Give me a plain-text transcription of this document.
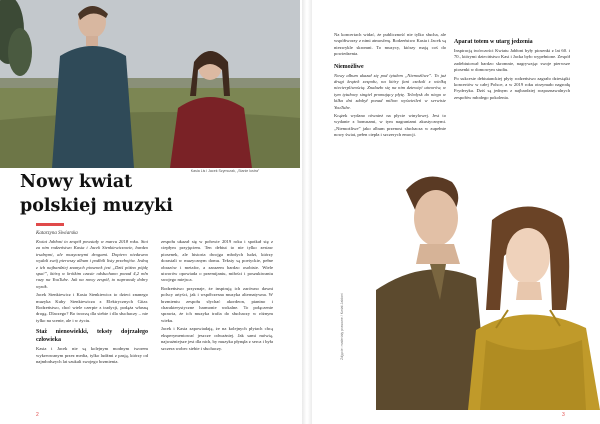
Kasia Lis i Jacek Szymczak, „Stanie lustra”
Nowy kwiat
polskiej muzyki
Katarzyna Siwiarska

Kwiat Jabłoni to zespół powstały w marcu 2018 roku. Stoi za nim rodzeństwo Kasia i Jacek Sienkiewiczowie, bardzo trudnymi, ale muzycznymi drogami. Dopiero niedawno wydali swój pierwszy album i podbili listy przebojów. Jedną z ich najbardziej znanych piosenek jest „Dziś późno pójdę spać”, którą w krótkim czasie odsłuchano ponad 4,2 mln razy na YouTube. Jak na nowy zespół, to naprawdę dobry wynik.

Jacek Sienkiewicz i Kasia Sienkiewicz to dzieci znanego muzyka Kuby Sienkiewicza z Elektrycznych Gitar. Rodzeństwo, choć wiele czerpie z tradycji, podąża własną drogą. Dlaczego? Bo tworzą dla siebie i dla słuchaczy – nie tylko na scenie, ale i w życiu.

Staż nienowiekki, teksty dojrzałego człowieka

Kasia i Jacek nie są kolejnym modnym tworem wykreowanym przez media, tylko ludźmi z pasją, którzy od najmłodszych lat szukali swojego brzmienia.

zespołu ukazał się w połowie 2019 roku i spotkał się z ciepłym przyjęciem. Ten debiut to nie tylko zestaw piosenek, ale historia dwojga młodych ludzi, którzy dorastali w muzycznym domu. Teksty są poetyckie, pełne obrazów i metafor, a zarazem bardzo osobiste. Wiele utworów opowiada o przemijaniu, miłości i poszukiwaniu swojego miejsca.

Rodzeństwo przyznaje, że inspirują ich zarówno dawni polscy artyści, jak i współczesna muzyka alternatywna. W brzmieniu zespołu słychać akordeon, pianino i charakterystyczne harmonie wokalne. To połączenie sprawia, że ich muzyka trafia do słuchaczy w różnym wieku.

Jacek i Kasia zapowiadają, że na kolejnych płytach chcą eksperymentować jeszcze odważniej. Jak sami mówią, najważniejsze jest dla nich, by muzyka płynęła z serca i była szczera wobec siebie i słuchaczy.

2

Na koncertach widać, że publiczność nie tylko słucha, ale współtworzy z nimi atmosferę. Rodzeństwo Kasia i Jacek są niezwykle skromni. To muzycy, którzy mają coś do powiedzenia.

Niemożliwe

Nowy album ukazał się pod tytułem „Niemożliwe”. To już drugi krążek zespołu, na który fani czekali z wielką niecierpliwością. Znalazło się na nim dziewięć utworów, w tym tytułowy singiel promujący płytę. Teledysk do niego w kilka dni zdobył ponad milion wyświetleń w serwisie YouTube.

Krążek wydano również na płycie winylowej. Jest to wydanie z bonusami, w tym nagraniami akustycznymi. „Niemożliwe” jako album przenosi słuchacza w zupełnie nowy świat, pełen ciepła i szczerych emocji.

Aparat totem w utarg jedzenia

Inspiracją twórczości Kwiatu Jabłoni były piosenki z lat 60. i 70., którymi dzieciństwo Kasi i Jacka było wypełnione. Zespół zadebiutował bardzo skromnie, nagrywając swoje pierwsze piosenki w domowym studiu.

Po sukcesie debiutanckiej płyty rodzeństwo zagrało dziesiątki koncertów w całej Polsce, a w 2019 roku otrzymało nagrodę Fryderyka. Dziś są jednym z najbardziej rozpoznawalnych zespołów młodego pokolenia.

Zdjęcie: materiały prasowe / Kwiat Jabłoni
3
